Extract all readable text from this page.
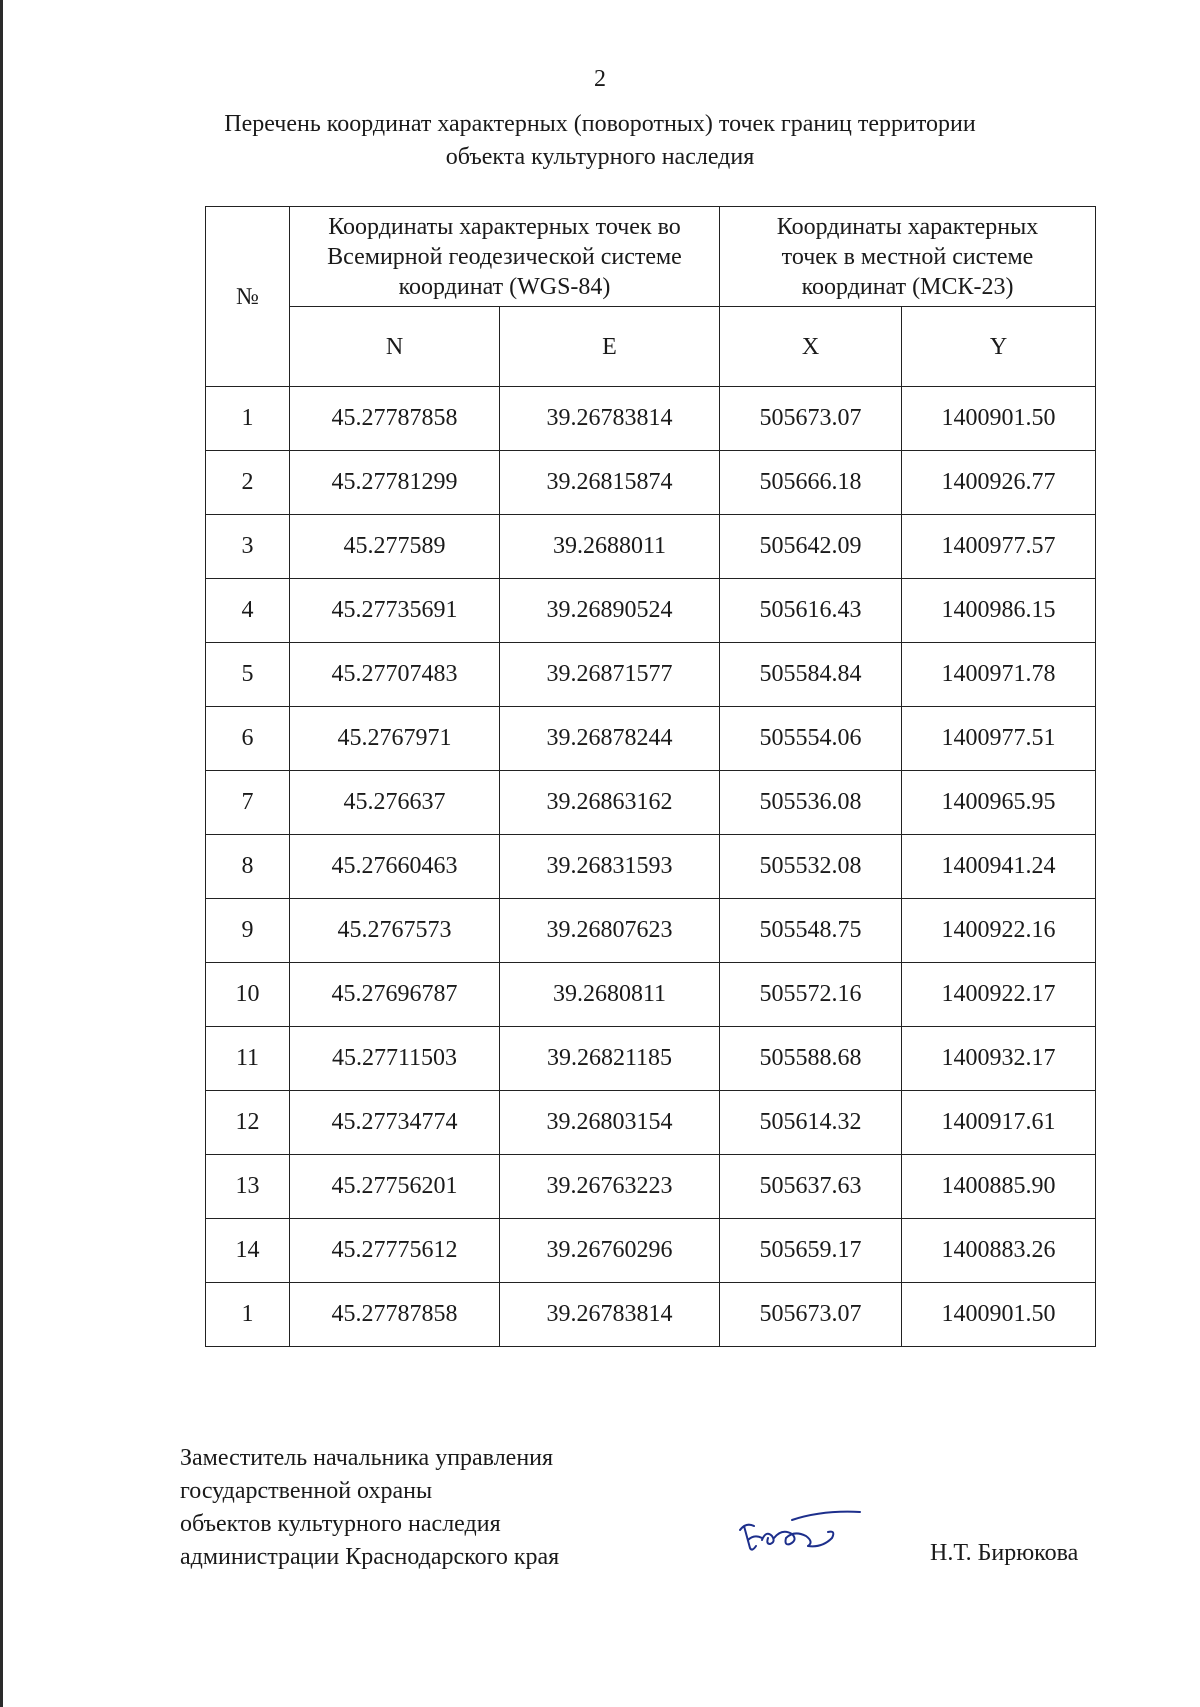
2
Перечень координат характерных (поворотных) точек границ территории
объекта культурного наследия
№	Координаты характерных точек во Всемирной геодезической системе координат (WGS-84)		Координаты характерных точек в местной системе координат (МСК-23)	
	N	E	X	Y
1	45.27787858	39.26783814	505673.07	1400901.50
2	45.27781299	39.26815874	505666.18	1400926.77
3	45.277589	39.2688011	505642.09	1400977.57
4	45.27735691	39.26890524	505616.43	1400986.15
5	45.27707483	39.26871577	505584.84	1400971.78
6	45.2767971	39.26878244	505554.06	1400977.51
7	45.276637	39.26863162	505536.08	1400965.95
8	45.27660463	39.26831593	505532.08	1400941.24
9	45.2767573	39.26807623	505548.75	1400922.16
10	45.27696787	39.2680811	505572.16	1400922.17
11	45.27711503	39.26821185	505588.68	1400932.17
12	45.27734774	39.26803154	505614.32	1400917.61
13	45.27756201	39.26763223	505637.63	1400885.90
14	45.27775612	39.26760296	505659.17	1400883.26
1	45.27787858	39.26783814	505673.07	1400901.50
Заместитель начальника управления
государственной охраны
объектов культурного наследия
администрации Краснодарского края	Н.Т. Бирюкова
